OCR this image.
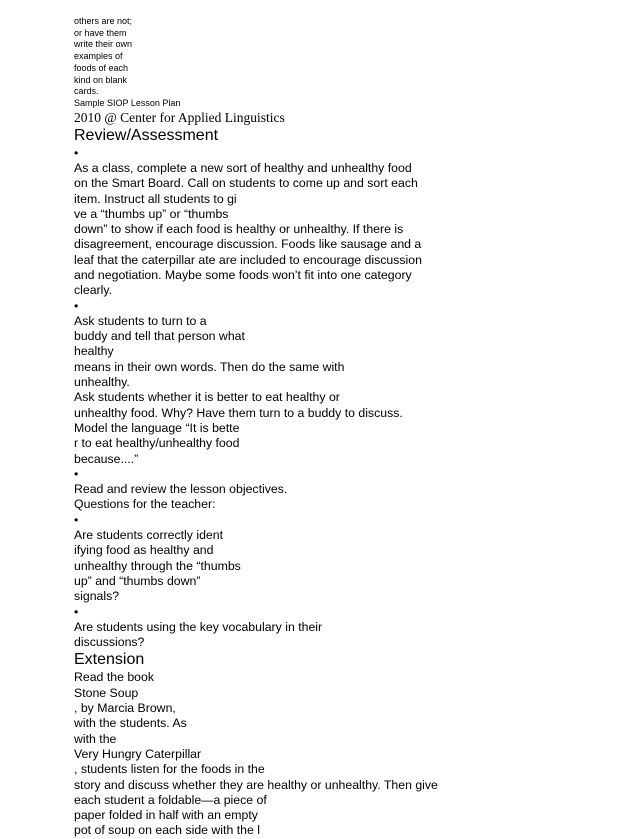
others are not;
or have them
write their own
examples of
foods of each
kind on blank
cards.
Sample SIOP Lesson Plan
2010 @ Center for Applied Linguistics
Review/Assessment
•
As a class, complete a new sort of healthy and unhealthy food
on the Smart Board. Call on students to come up and sort each
item. Instruct all students to gi
ve a “thumbs up” or “thumbs
down” to show if each food is healthy or unhealthy. If there is
disagreement, encourage discussion. Foods like sausage and a
leaf that the caterpillar ate are included to encourage discussion
and negotiation. Maybe some foods won’t fit into one category
clearly.
•
Ask students to turn to a
buddy and tell that person what
healthy
means in their own words. Then do the same with
unhealthy.
Ask students whether it is better to eat healthy or
unhealthy food. Why? Have them turn to a buddy to discuss.
Model the language “It is bette
r to eat healthy/unhealthy food
because....”
•
Read and review the lesson objectives.
Questions for the teacher:
•
Are students correctly ident
ifying food as healthy and
unhealthy through the “thumbs
up” and “thumbs down”
signals?
•
Are students using the key vocabulary in their
discussions?
Extension
Read the book
Stone Soup
, by Marcia Brown,
with the students. As
with the
Very Hungry Caterpillar
, students listen for the foods in the
story and discuss whether they are healthy or unhealthy. Then give
each student a foldable—a piece of
paper folded in half with an empty
pot of soup on each side with the l
